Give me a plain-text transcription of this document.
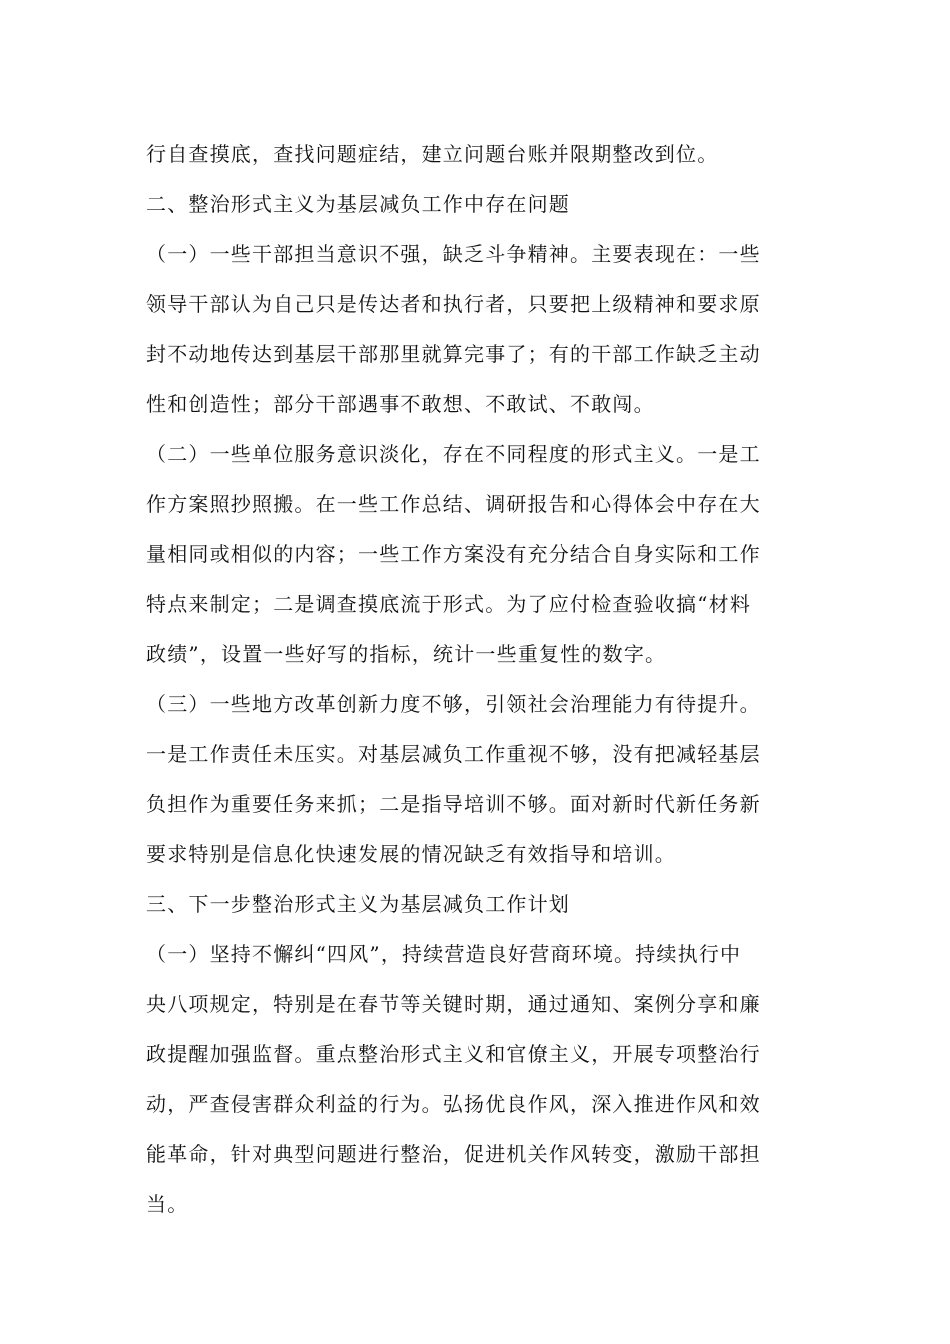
行自查摸底，查找问题症结，建立问题台账并限期整改到位。
二、整治形式主义为基层减负工作中存在问题
（一）一些干部担当意识不强，缺乏斗争精神。主要表现在：一些
领导干部认为自己只是传达者和执行者，只要把上级精神和要求原
封不动地传达到基层干部那里就算完事了；有的干部工作缺乏主动
性和创造性；部分干部遇事不敢想、不敢试、不敢闯。
（二）一些单位服务意识淡化，存在不同程度的形式主义。一是工
作方案照抄照搬。在一些工作总结、调研报告和心得体会中存在大
量相同或相似的内容；一些工作方案没有充分结合自身实际和工作
特点来制定；二是调查摸底流于形式。为了应付检查验收搞“材料
政绩”，设置一些好写的指标，统计一些重复性的数字。
（三）一些地方改革创新力度不够，引领社会治理能力有待提升。
一是工作责任未压实。对基层减负工作重视不够，没有把减轻基层
负担作为重要任务来抓；二是指导培训不够。面对新时代新任务新
要求特别是信息化快速发展的情况缺乏有效指导和培训。
三、下一步整治形式主义为基层减负工作计划
（一）坚持不懈纠“四风”，持续营造良好营商环境。持续执行中
央八项规定，特别是在春节等关键时期，通过通知、案例分享和廉
政提醒加强监督。重点整治形式主义和官僚主义，开展专项整治行
动，严查侵害群众利益的行为。弘扬优良作风，深入推进作风和效
能革命，针对典型问题进行整治，促进机关作风转变，激励干部担
当。
